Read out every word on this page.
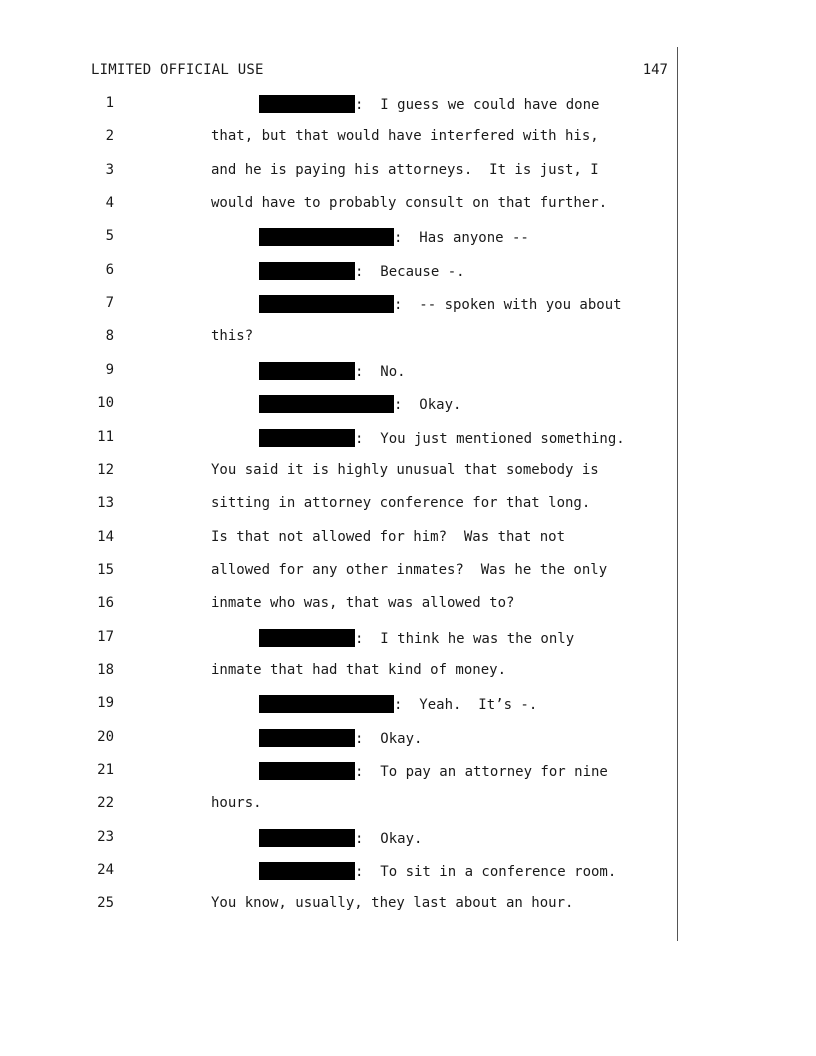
LIMITED OFFICIAL USE	147
1	:  I guess we could have done
2	that, but that would have interfered with his,
3	and he is paying his attorneys.  It is just, I
4	would have to probably consult on that further.
5	:  Has anyone --
6	:  Because -.
7	:  -- spoken with you about
8	this?
9	:  No.
10	:  Okay.
11	:  You just mentioned something.
12	You said it is highly unusual that somebody is
13	sitting in attorney conference for that long.
14	Is that not allowed for him?  Was that not
15	allowed for any other inmates?  Was he the only
16	inmate who was, that was allowed to?
17	:  I think he was the only
18	inmate that had that kind of money.
19	:  Yeah.  It’s -.
20	:  Okay.
21	:  To pay an attorney for nine
22	hours.
23	:  Okay.
24	:  To sit in a conference room.
25	You know, usually, they last about an hour.
